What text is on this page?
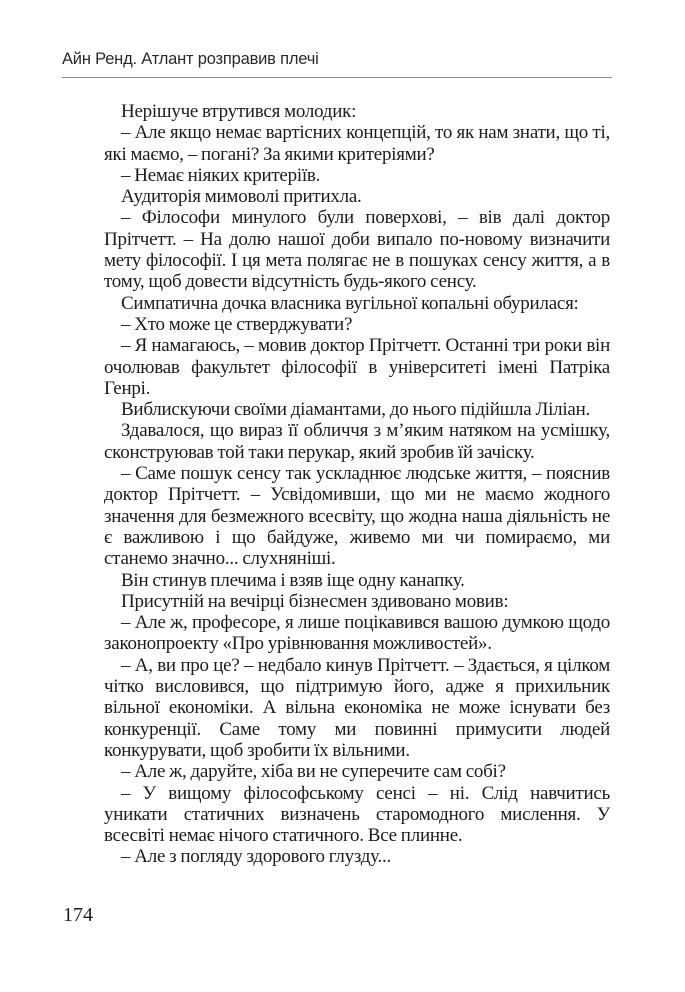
Айн Ренд. Атлант розправив плечі

Нерішуче втрутився молодик:

– Але якщо немає вартісних концепцій, то як нам знати, що ті, які маємо, – погані? За якими критеріями?

– Немає ніяких критеріїв.

Аудиторія мимоволі притихла.

– Філософи минулого були поверхові, – вів далі доктор Прітчетт. – На долю нашої доби випало по-новому визначити мету філософії. І ця мета полягає не в пошуках сенсу життя, а в тому, щоб довести відсутність будь-якого сенсу.

Симпатична дочка власника вугільної копальні обурилася:

– Хто може це стверджувати?

– Я намагаюсь, – мовив доктор Прітчетт. Останні три роки він очолював факультет філософії в університеті імені Патріка Генрі.

Виблискуючи своїми діамантами, до нього підійшла Ліліан.

Здавалося, що вираз її обличчя з м’яким натяком на усмішку, сконструював той таки перукар, який зробив їй зачіску.

– Саме пошук сенсу так ускладнює людське життя, – пояснив доктор Прітчетт. – Усвідомивши, що ми не маємо жодного значення для безмежного всесвіту, що жодна наша діяльність не є важливою і що байдуже, живемо ми чи помираємо, ми станемо значно... слухнянішi.

Він стинув плечима і взяв іще одну канапку.

Присутній на вечірці бізнесмен здивовано мовив:

– Але ж, професоре, я лише поцікавився вашою думкою щодо законопроекту «Про урівнювання можливостей».

– А, ви про це? – недбало кинув Прітчетт. – Здається, я цілком чітко висловився, що підтримую його, адже я прихильник вільної економіки. А вільна економіка не може існувати без конкуренції. Саме тому ми повинні примусити людей конкурувати, щоб зробити їх вільними.

– Але ж, даруйте, хіба ви не суперечите сам собі?

– У вищому філософському сенсі – ні. Слід навчитись уникати статичних визначень старомодного мислення. У всесвіті немає нічого статичного. Все плинне.

– Але з погляду здорового глузду...

174
